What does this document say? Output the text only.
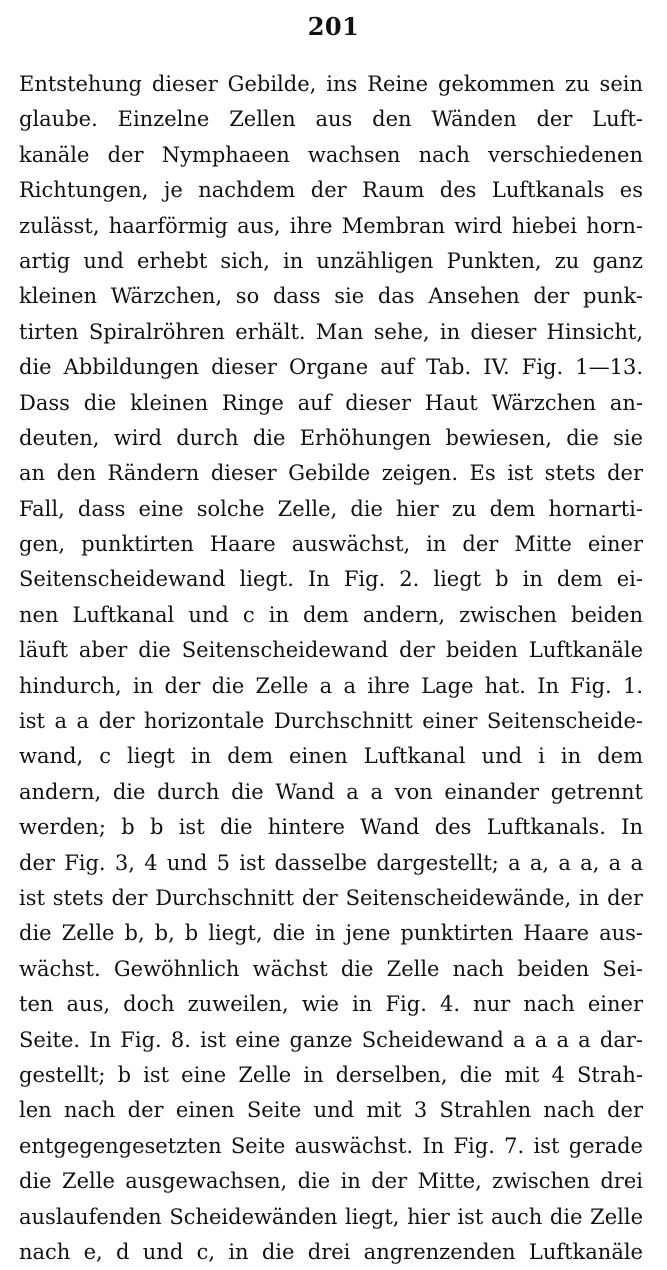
201
Entstehung dieser Gebilde, ins Reine gekommen zu sein
glaube. Einzelne Zellen aus den Wänden der Luft-
kanäle der Nymphaeen wachsen nach verschiedenen
Richtungen, je nachdem der Raum des Luftkanals es
zulässt, haarförmig aus, ihre Membran wird hiebei horn-
artig und erhebt sich, in unzähligen Punkten, zu ganz
kleinen Wärzchen, so dass sie das Ansehen der punk-
tirten Spiralröhren erhält. Man sehe, in dieser Hinsicht,
die Abbildungen dieser Organe auf Tab. IV. Fig. 1—13.
Dass die kleinen Ringe auf dieser Haut Wärzchen an-
deuten, wird durch die Erhöhungen bewiesen, die sie
an den Rändern dieser Gebilde zeigen. Es ist stets der
Fall, dass eine solche Zelle, die hier zu dem hornarti-
gen, punktirten Haare auswächst, in der Mitte einer
Seitenscheidewand liegt. In Fig. 2. liegt b in dem ei-
nen Luftkanal und c in dem andern, zwischen beiden
läuft aber die Seitenscheidewand der beiden Luftkanäle
hindurch, in der die Zelle a a ihre Lage hat. In Fig. 1.
ist a a der horizontale Durchschnitt einer Seitenscheide-
wand, c liegt in dem einen Luftkanal und i in dem
andern, die durch die Wand a a von einander getrennt
werden; b b ist die hintere Wand des Luftkanals. In
der Fig. 3, 4 und 5 ist dasselbe dargestellt; a a, a a, a a
ist stets der Durchschnitt der Seitenscheidewände, in der
die Zelle b, b, b liegt, die in jene punktirten Haare aus-
wächst. Gewöhnlich wächst die Zelle nach beiden Sei-
ten aus, doch zuweilen, wie in Fig. 4. nur nach einer
Seite. In Fig. 8. ist eine ganze Scheidewand a a a a dar-
gestellt; b ist eine Zelle in derselben, die mit 4 Strah-
len nach der einen Seite und mit 3 Strahlen nach der
entgegengesetzten Seite auswächst. In Fig. 7. ist gerade
die Zelle ausgewachsen, die in der Mitte, zwischen drei
auslaufenden Scheidewänden liegt, hier ist auch die Zelle
nach e, d und c, in die drei angrenzenden Luftkanäle
